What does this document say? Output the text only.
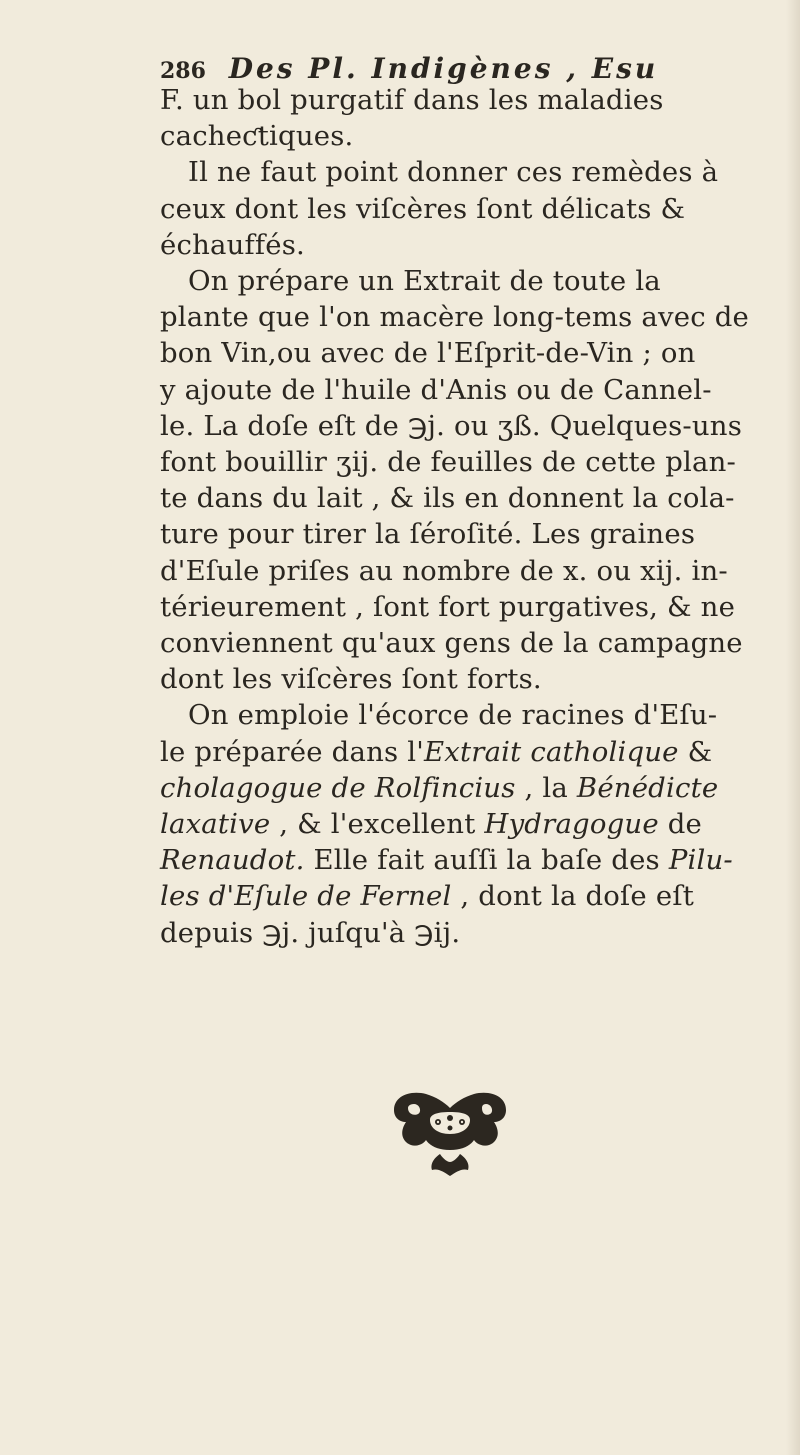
286 Des Pl. Indigènes , Esu
F. un bol purgatif dans les maladies
cacheƈtiques.
Il ne faut point donner ces remèdes à
ceux dont les viſcères ſont délicats &
échauffés.
On prépare un Extrait de toute la
plante que l'on macère long-tems avec de
bon Vin,ou avec de l'Eſprit-de-Vin ; on
y ajoute de l'huile d'Anis ou de Cannel-
le. La doſe eſt de ℈j. ou ʒß. Quelques-uns
font bouillir ʒij. de feuilles de cette plan-
te dans du lait , & ils en donnent la cola-
ture pour tirer la ſéroſité. Les graines
d'Eſule priſes au nombre de x. ou xij. in-
térieurement , ſont fort purgatives, & ne
conviennent qu'aux gens de la campagne
dont les viſcères ſont forts.
On emploie l'écorce de racines d'Eſu-
le préparée dans l'Extrait catholique &
cholagogue de Rolfincius , la Bénédicte
laxative , & l'excellent Hydragogue de
Renaudot. Elle fait auſſi la baſe des Pilu-
les d'Eſule de Fernel , dont la doſe eſt
depuis ℈j. juſqu'à ℈ij.
